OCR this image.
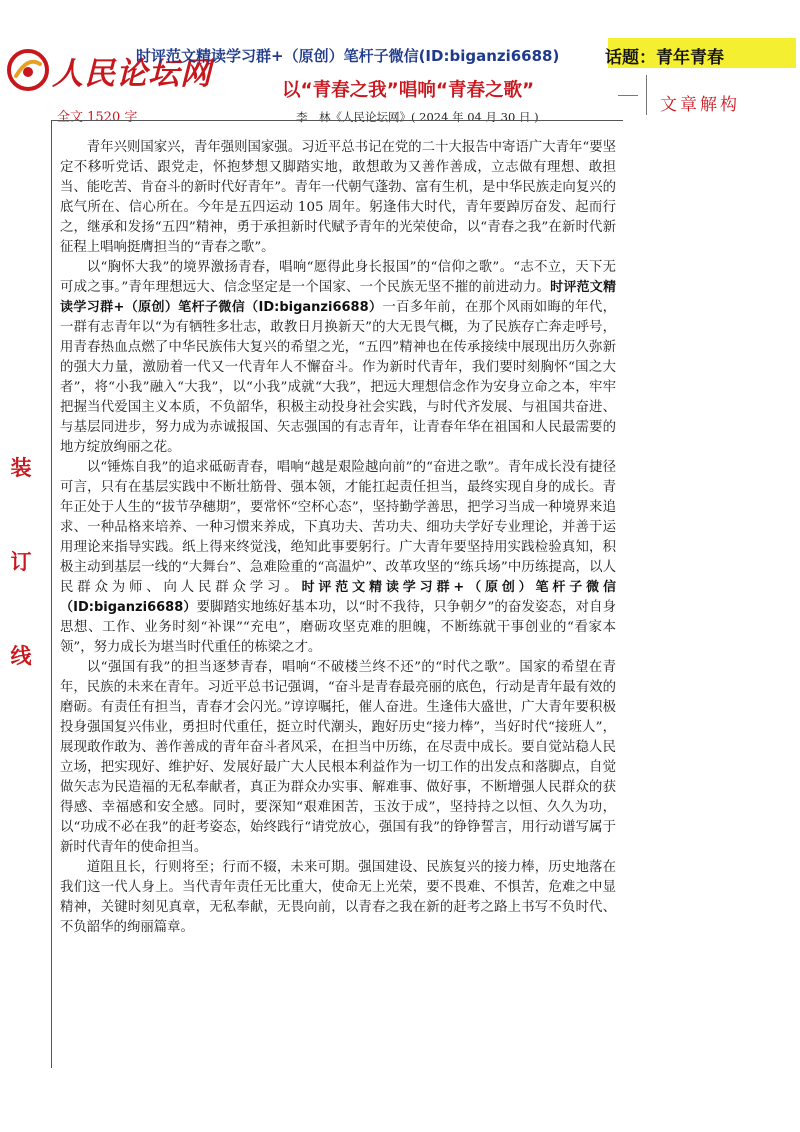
人民论坛网
时评范文精读学习群+（原创）笔杆子微信(ID:biganzi6688)	话题：青年青春
以“青春之我”唱响“青春之歌”
李　林《人民论坛网》( 2024 年 04 月 30 日 )
全文 1520 字
文章解构
装
订
线

青年兴则国家兴，青年强则国家强。习近平总书记在党的二十大报告中寄语广大青年“要坚定不移听党话、跟党走，怀抱梦想又脚踏实地，敢想敢为又善作善成，立志做有理想、敢担当、能吃苦、肯奋斗的新时代好青年”。青年一代朝气蓬勃、富有生机，是中华民族走向复兴的底气所在、信心所在。今年是五四运动 105 周年。躬逢伟大时代，青年要踔厉奋发、起而行之，继承和发扬“五四”精神，勇于承担新时代赋予青年的光荣使命，以“青春之我”在新时代新征程上唱响挺膺担当的“青春之歌”。

以“胸怀大我”的境界激扬青春，唱响“愿得此身长报国”的“信仰之歌”。“志不立，天下无可成之事。”青年理想远大、信念坚定是一个国家、一个民族无坚不摧的前进动力。时评范文精读学习群+（原创）笔杆子微信（ID:biganzi6688）一百多年前，在那个风雨如晦的年代，一群有志青年以“为有牺牲多壮志，敢教日月换新天”的大无畏气概，为了民族存亡奔走呼号，用青春热血点燃了中华民族伟大复兴的希望之光，“五四”精神也在传承接续中展现出历久弥新的强大力量，激励着一代又一代青年人不懈奋斗。作为新时代青年，我们要时刻胸怀“国之大者”，将“小我”融入“大我”，以“小我”成就“大我”，把远大理想信念作为安身立命之本，牢牢把握当代爱国主义本质，不负韶华，积极主动投身社会实践，与时代齐发展、与祖国共奋进、与基层同进步，努力成为赤诚报国、矢志强国的有志青年，让青春年华在祖国和人民最需要的地方绽放绚丽之花。

以“锤炼自我”的追求砥砺青春，唱响“越是艰险越向前”的“奋进之歌”。青年成长没有捷径可言，只有在基层实践中不断壮筋骨、强本领，才能扛起责任担当，最终实现自身的成长。青年正处于人生的“拔节孕穗期”，要常怀“空杯心态”，坚持勤学善思，把学习当成一种境界来追求、一种品格来培养、一种习惯来养成，下真功夫、苦功夫、细功夫学好专业理论，并善于运用理论来指导实践。纸上得来终觉浅，绝知此事要躬行。广大青年要坚持用实践检验真知，积极主动到基层一线的“大舞台”、急难险重的“高温炉”、改革攻坚的“练兵场”中历练提高，以人民群众为师、向人民群众学习。时评范文精读学习群+（原创）笔杆子微信（ID:biganzi6688）要脚踏实地练好基本功，以“时不我待，只争朝夕”的奋发姿态，对自身思想、工作、业务时刻“补课”“充电”，磨砺攻坚克难的胆魄，不断练就干事创业的“看家本领”，努力成长为堪当时代重任的栋梁之才。

以“强国有我”的担当逐梦青春，唱响“不破楼兰终不还”的“时代之歌”。国家的希望在青年，民族的未来在青年。习近平总书记强调，“奋斗是青春最亮丽的底色，行动是青年最有效的磨砺。有责任有担当，青春才会闪光。”谆谆嘱托，催人奋进。生逢伟大盛世，广大青年要积极投身强国复兴伟业，勇担时代重任，挺立时代潮头，跑好历史“接力棒”，当好时代“接班人”，展现敢作敢为、善作善成的青年奋斗者风采，在担当中历练，在尽责中成长。要自觉站稳人民立场，把实现好、维护好、发展好最广大人民根本利益作为一切工作的出发点和落脚点，自觉做矢志为民造福的无私奉献者，真正为群众办实事、解难事、做好事，不断增强人民群众的获得感、幸福感和安全感。同时，要深知“艰难困苦，玉汝于成”，坚持持之以恒、久久为功，以“功成不必在我”的赶考姿态，始终践行“请党放心，强国有我”的铮铮誓言，用行动谱写属于新时代青年的使命担当。

道阻且长，行则将至；行而不辍，未来可期。强国建设、民族复兴的接力棒，历史地落在我们这一代人身上。当代青年责任无比重大，使命无上光荣，要不畏难、不惧苦，危难之中显精神，关键时刻见真章，无私奉献，无畏向前，以青春之我在新的赶考之路上书写不负时代、不负韶华的绚丽篇章。
